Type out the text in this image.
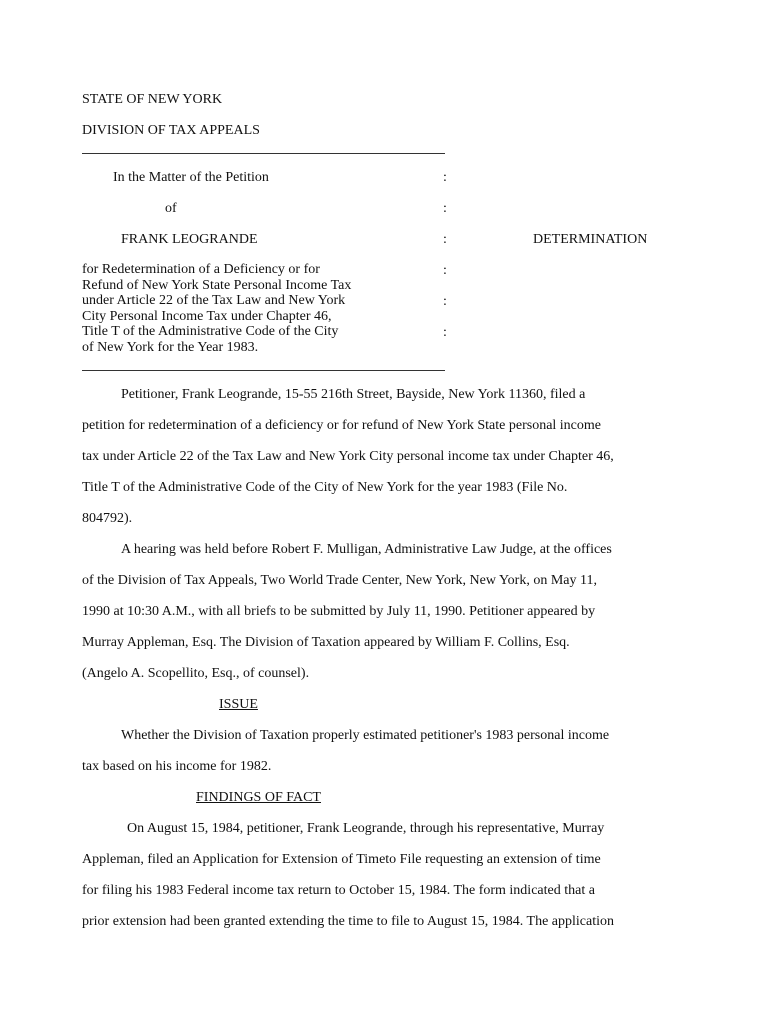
STATE OF NEW YORK
DIVISION OF TAX APPEALS
In the Matter of the Petition
of
FRANK LEOGRANDE	DETERMINATION
:
:
:
:
:
:
for Redetermination of a Deficiency or for
Refund of New York State Personal Income Tax
under Article 22 of the Tax Law and New York
City Personal Income Tax under Chapter 46,
Title T of the Administrative Code of the City
of New York for the Year 1983.
Petitioner, Frank Leogrande, 15-55 216th Street, Bayside, New York 11360, filed a
petition for redetermination of a deficiency or for refund of New York State personal income
tax under Article 22 of the Tax Law and New York City personal income tax under Chapter 46,
Title T of the Administrative Code of the City of New York for the year 1983 (File No.
804792).
A hearing was held before Robert F. Mulligan, Administrative Law Judge, at the offices
of the Division of Tax Appeals, Two World Trade Center, New York, New York, on May 11,
1990 at 10:30 A.M., with all briefs to be submitted by July 11, 1990. Petitioner appeared by
Murray Appleman, Esq. The Division of Taxation appeared by William F. Collins, Esq.
(Angelo A. Scopellito, Esq., of counsel).
ISSUE
Whether the Division of Taxation properly estimated petitioner's 1983 personal income
tax based on his income for 1982.
FINDINGS OF FACT
On August 15, 1984, petitioner, Frank Leogrande, through his representative, Murray
Appleman, filed an Application for Extension of Timeto File requesting an extension of time
for filing his 1983 Federal income tax return to October 15, 1984. The form indicated that a
prior extension had been granted extending the time to file to August 15, 1984. The application
